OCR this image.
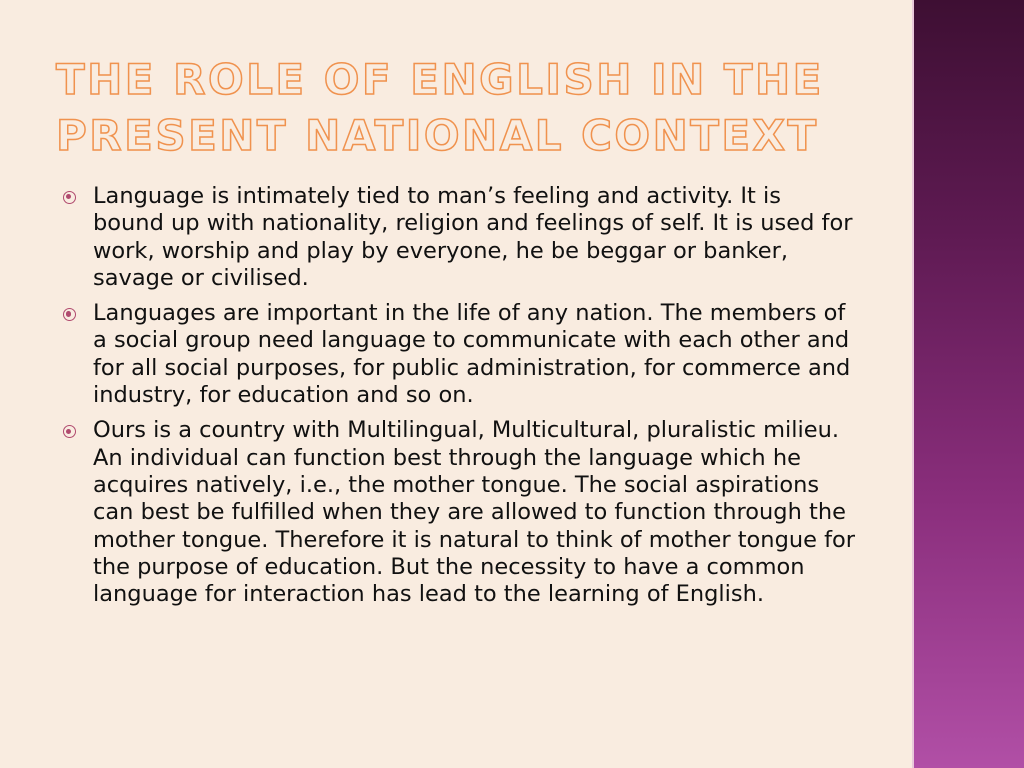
THE ROLE OF ENGLISH IN THE
PRESENT NATIONAL CONTEXT
Language is intimately tied to man’s feeling and activity. It is bound up with nationality, religion and feelings of self. It is used for work, worship and play by everyone, he be beggar or banker, savage or civilised.
Languages are important in the life of any nation. The members of a social group need language to communicate with each other and for all social purposes, for public administration, for commerce and industry, for education and so on.
Ours is a country with Multilingual, Multicultural, pluralistic milieu. An individual can function best through the language which he acquires natively, i.e., the mother tongue. The social aspirations can best be fulfilled when they are allowed to function through the mother tongue. Therefore it is natural to think of mother tongue for the purpose of education. But the necessity to have a common language for interaction has lead to the learning of English.
